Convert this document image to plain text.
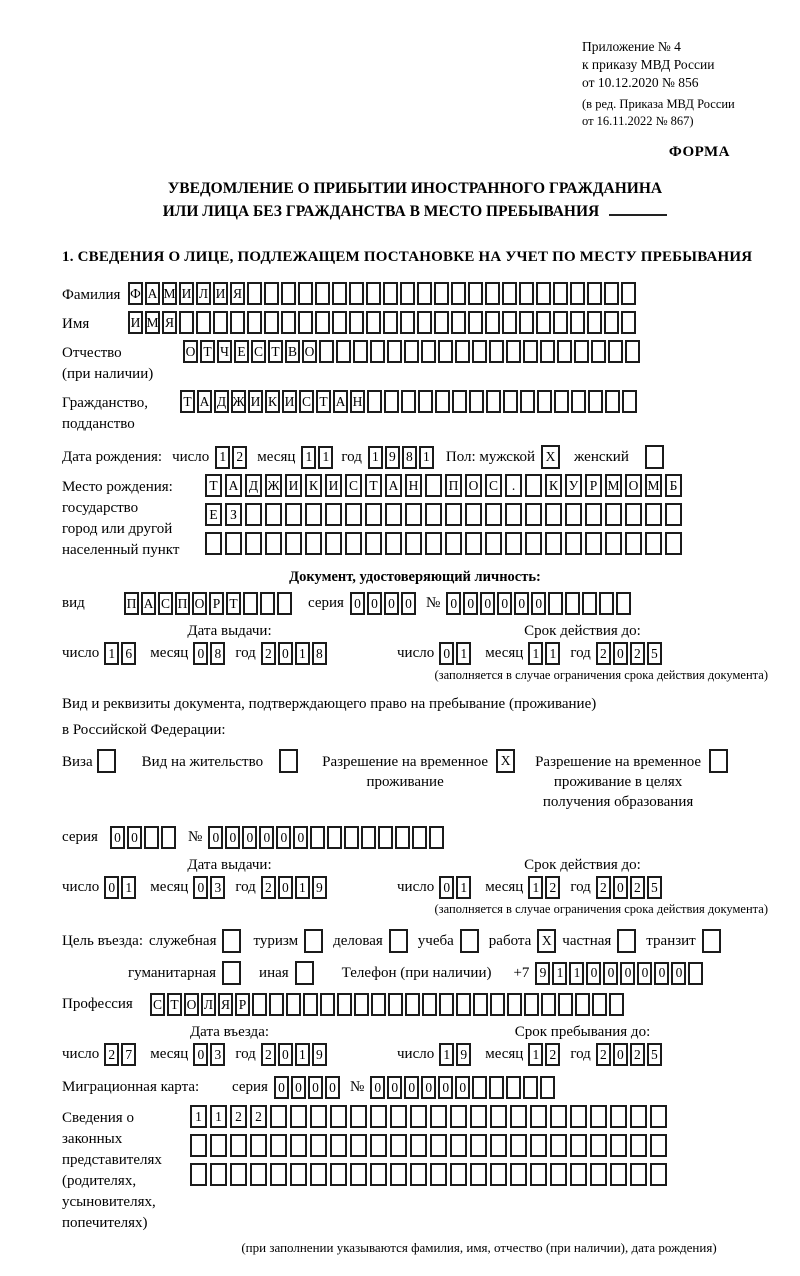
Приложение № 4
к приказу МВД России
от 10.12.2020 № 856
(в ред. Приказа МВД России
от 16.11.2022 № 867)
ФОРМА
УВЕДОМЛЕНИЕ О ПРИБЫТИИ ИНОСТРАННОГО ГРАЖДАНИНА
ИЛИ ЛИЦА БЕЗ ГРАЖДАНСТВА В МЕСТО ПРЕБЫВАНИЯ
1. СВЕДЕНИЯ О ЛИЦЕ, ПОДЛЕЖАЩЕМ ПОСТАНОВКЕ НА УЧЕТ ПО МЕСТУ ПРЕБЫВАНИЯ
Фамилия Ф А М И Л И Я
Имя	И М Я
Отчество
(при наличии)
О Т Ч Е С Т В О
Гражданство,
подданство
Т А Д Ж И К И С Т А Н
Дата рождения: число 1 2 месяц 1 1 год 1 9 8 1	Пол: мужской X	женский
Место рождения:
государство
город или другой
населенный пункт
Т А Д Ж И К И С Т А Н П О С	.	К У Р М О М Б
Е З
Документ, удостоверяющий личность:
вид	П А С П О Р Т	серия 0 0 0 0 № 0 0 0 0 0 0
Дата выдачи:
число 1 6	месяц 0 8 год 2 0 1 8
Срок действия до:
число 0 1	месяц 1 1 год 2 0 2 5
(заполняется в случае ограничения срока действия документа)
Вид и реквизиты документа, подтверждающего право на пребывание (проживание)
в Российской Федерации:
Виза	Вид на жительство	Разрешение на временное
проживание
X	Разрешение на временное
проживание в целях
получения образования
серия	0 0	№ 0 0 0 0 0 0
Дата выдачи:
число 0 1	месяц 0 3 год 2 0 1 9
Срок действия до:
число 0 1	месяц 1 2 год 2 0 2 5
(заполняется в случае ограничения срока действия документа)
Цель въезда: служебная	туризм	деловая	учеба	работа X частная	транзит
гуманитарная	иная	Телефон (при наличии)	+7 9 1 1 0 0 0 0 0 0
Профессия	С Т О Л Я Р
Дата въезда:
число 2 7	месяц 0 3 год 2 0 1 9
Срок пребывания до:
число 1 9	месяц 1 2 год 2 0 2 5
Миграционная карта:	серия 0 0 0 0 № 0 0 0 0 0 0
Сведения о
законных
представителях
(родителях,
усыновителях,
попечителях)
1 1 2 2
(при заполнении указываются фамилия, имя, отчество (при наличии), дата рождения)
